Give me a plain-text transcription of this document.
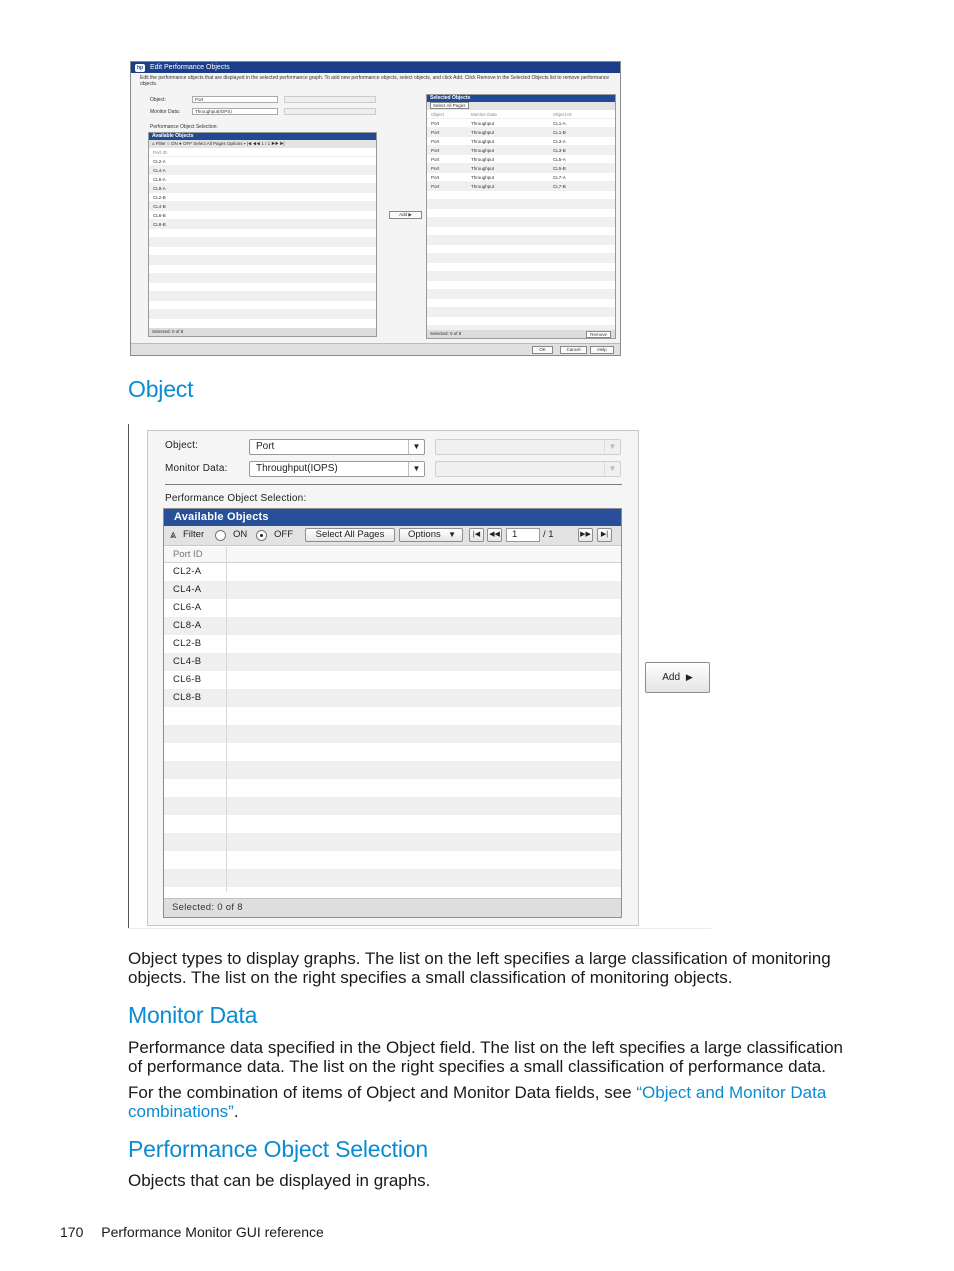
hp Edit Performance Objects
Edit the performance objects that are displayed in the selected performance graph. To add new performance objects, select objects, and click Add. Click Remove in the Selected Objects list to remove performance objects.
Object:	Port
Monitor Data:	Throughput(IOPS)
Performance Object Selection:
Available Objects
⩓ Filter ○ ON ● OFF Select All Pages Options ▾ |◀ ◀◀ 1 / 1 ▶▶ ▶|
Port ID
CL2-A
CL4-A
CL6-A
CL8-A
CL2-B
CL4-B
CL6-B
CL8-B
Selected: 0 of 8
Add ▶
Selected Objects
Select All Pages
Object	Monitor Data	Object ID
Port	Throughput	CL1-A
Port	Throughput	CL1-B
Port	Throughput	CL3-A
Port	Throughput	CL3-B
Port	Throughput	CL5-A
Port	Throughput	CL5-B
Port	Throughput	CL7-A
Port	Throughput	CL7-B
Selected: 0 of 8	Remove
OK	Cancel	Help
Object
Object:	Port	▼	▼
Monitor Data:	Throughput(IOPS)	▼	▼
Performance Object Selection:
Available Objects
⩓ Filter	ON	OFF	Select All Pages	Options ▼	|◀	◀◀	1	/ 1	▶▶	▶|
Port ID
CL2-A
CL4-A
CL6-A
CL8-A
CL2-B
CL4-B
CL6-B
CL8-B
Selected: 0 of 8
Add ▶
Object types to display graphs. The list on the left specifies a large classification of monitoring objects. The list on the right specifies a small classification of monitoring objects.
Monitor Data
Performance data specified in the Object field. The list on the left specifies a large classification of performance data. The list on the right specifies a small classification of performance data.
For the combination of items of Object and Monitor Data fields, see “Object and Monitor Data combinations”.
Performance Object Selection
Objects that can be displayed in graphs.
170 Performance Monitor GUI reference
